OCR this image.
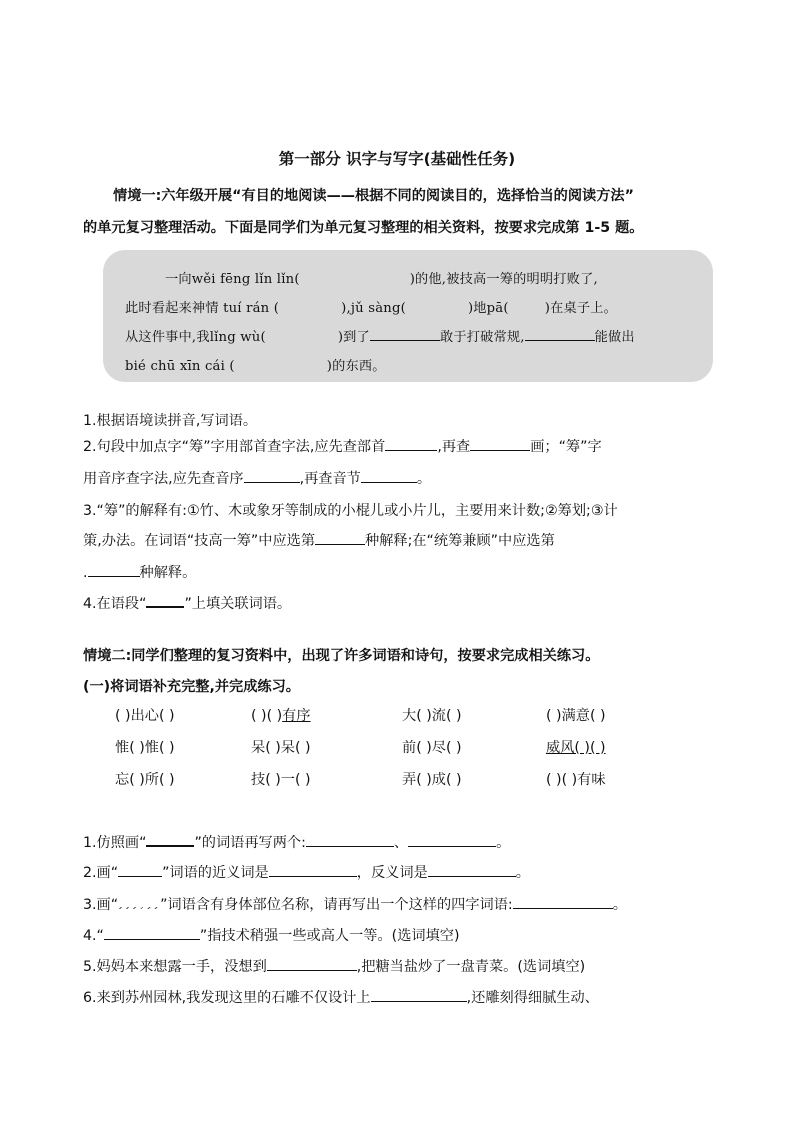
第一部分 识字与写字(基础性任务)
情境一:六年级开展“有目的地阅读——根据不同的阅读目的，选择恰当的阅读方法”
的单元复习整理活动。下面是同学们为单元复习整理的相关资料，按要求完成第 1-5 题。
一向wěi fēng lǐn lǐn(	)的他,被技高一筹的明明打败了,
此时看起来神情 tuí rán (	),jǔ sàng(	)地pā(	)在桌子上。
从这件事中,我lǐng wù(	)到了	敢于打破常规,	能做出
bié chū xīn cái (	)的东西。
1.根据语境读拼音,写词语。
2.句段中加点字“筹”字用部首查字法,应先查部首	,再查	画；“筹”字
用音序查字法,应先查音序	,再查音节	。
3.“筹”的解释有:①竹、木或象牙等制成的小棍儿或小片儿，主要用来计数;②筹划;③计
策,办法。在词语“技高一筹”中应选第	种解释;在“统筹兼顾”中应选第
.	种解释。
4.在语段“	”上填关联词语。
情境二:同学们整理的复习资料中，出现了许多词语和诗句，按要求完成相关练习。
(一)将词语补充完整,并完成练习。
( )出心( )	( )( )有序	大( )流( )	( )满意( )
惟( )惟( )	呆( )呆( )	前( )尽( )	威风( )( )
忘( )所( )	技( )一( )	弄( )成( )	( )( )有味
1.仿照画“	”的词语再写两个:	、	。
2.画“	”词语的近义词是	，反义词是	。
3.画“	”词语含有身体部位名称，请再写出一个这样的四字词语:	。
4.“	”指技术稍强一些或高人一等。(选词填空)
5.妈妈本来想露一手，没想到	,把糖当盐炒了一盘青菜。(选词填空)
6.来到苏州园林,我发现这里的石雕不仅设计上	,还雕刻得细腻生动、
